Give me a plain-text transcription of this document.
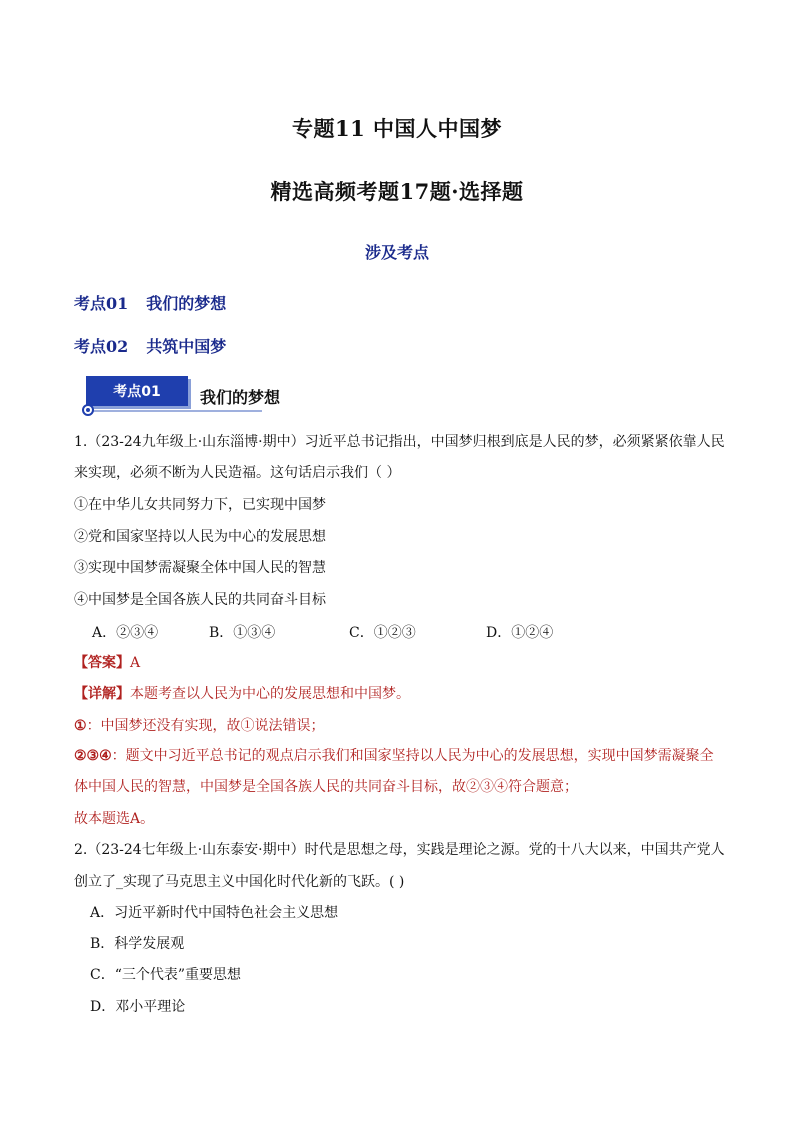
专题11 中国人中国梦
精选高频考题17题·选择题
涉及考点
考点01 我们的梦想
考点02 共筑中国梦
考点01	我们的梦想
1.（23-24九年级上·山东淄博·期中）习近平总书记指出，中国梦归根到底是人民的梦，必须紧紧依靠人民
来实现，必须不断为人民造福。这句话启示我们（ ）
①在中华儿女共同努力下，已实现中国梦
②党和国家坚持以人民为中心的发展思想
③实现中国梦需凝聚全体中国人民的智慧
④中国梦是全国各族人民的共同奋斗目标
A．②③④	B．①③④	C．①②③	D．①②④
【答案】A
【详解】本题考查以人民为中心的发展思想和中国梦。
①：中国梦还没有实现，故①说法错误；
②③④：题文中习近平总书记的观点启示我们和国家坚持以人民为中心的发展思想，实现中国梦需凝聚全
体中国人民的智慧，中国梦是全国各族人民的共同奋斗目标，故②③④符合题意；
故本题选A。
2.（23-24七年级上·山东泰安·期中）时代是思想之母，实践是理论之源。党的十八大以来，中国共产党人
创立了_实现了马克思主义中国化时代化新的飞跃。( )
A．习近平新时代中国特色社会主义思想
B．科学发展观
C．“三个代表”重要思想
D．邓小平理论
